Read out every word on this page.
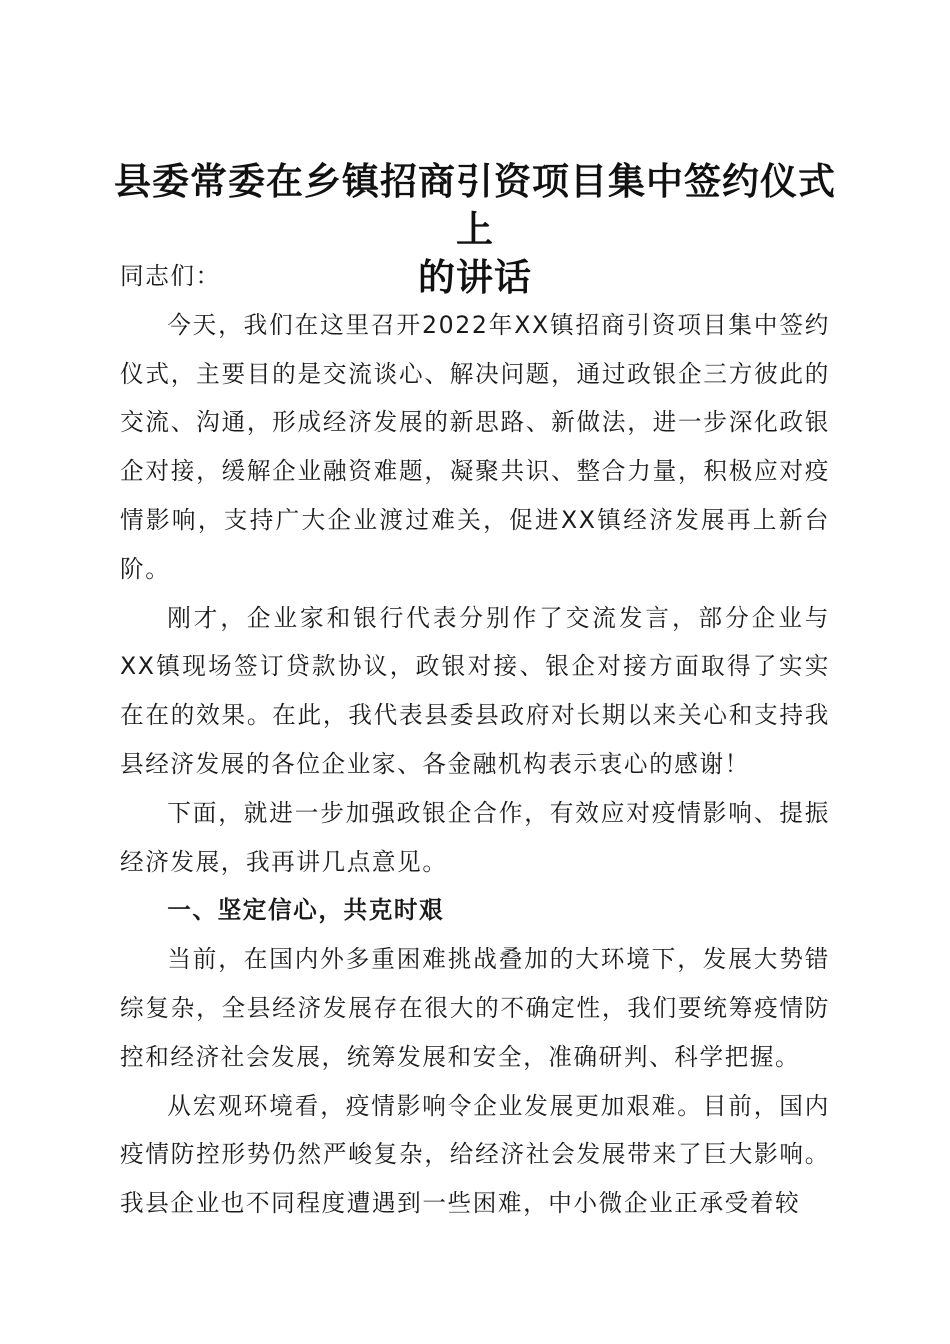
县委常委在乡镇招商引资项目集中签约仪式上
的讲话

同志们：

今天，我们在这里召开2022年XX镇招商引资项目集中签约仪式，主要目的是交流谈心、解决问题，通过政银企三方彼此的交流、沟通，形成经济发展的新思路、新做法，进一步深化政银企对接，缓解企业融资难题，凝聚共识、整合力量，积极应对疫情影响，支持广大企业渡过难关，促进XX镇经济发展再上新台阶。

刚才，企业家和银行代表分别作了交流发言，部分企业与XX镇现场签订贷款协议，政银对接、银企对接方面取得了实实在在的效果。在此，我代表县委县政府对长期以来关心和支持我县经济发展的各位企业家、各金融机构表示衷心的感谢！

下面，就进一步加强政银企合作，有效应对疫情影响、提振经济发展，我再讲几点意见。

一、坚定信心，共克时艰

当前，在国内外多重困难挑战叠加的大环境下，发展大势错综复杂，全县经济发展存在很大的不确定性，我们要统筹疫情防控和经济社会发展，统筹发展和安全，准确研判、科学把握。

从宏观环境看，疫情影响令企业发展更加艰难。目前，国内疫情防控形势仍然严峻复杂，给经济社会发展带来了巨大影响。我县企业也不同程度遭遇到一些困难，中小微企业正承受着较
